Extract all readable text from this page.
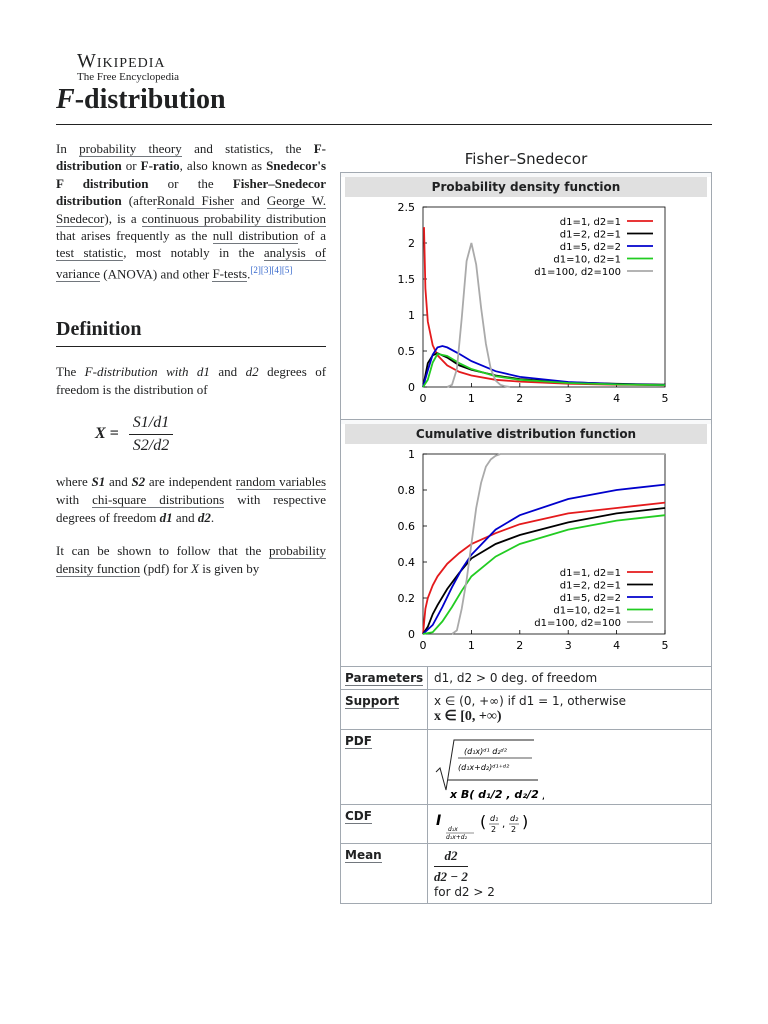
Wikipedia
The Free Encyclopedia
F-distribution
In probability theory and statistics, the F-distribution or F-ratio, also known as Snedecor's F distribution or the Fisher–Snedecor distribution (afterRonald Fisher and George W. Snedecor), is a continuous probability distribution that arises frequently as the null distribution of a test statistic, most notably in the analysis of variance (ANOVA) and other F-tests.[2][3][4][5]
Definition
The F-distribution with d1 and d2 degrees of freedom is the distribution of
$X = \frac{S1/d1}{S2/d2}$
where S1 and S2 are independent random variables with chi-square distributions with respective degrees of freedom d1 and d2.
It can be shown to follow that the probability density function (pdf) for X is given by
Fisher–Snedecor
Probability density function
0	1	2	3	4	5
0
0.5
1
1.5
2
2.5
d1=1, d2=1
d1=2, d2=1
d1=5, d2=2
d1=10, d2=1
d1=100, d2=100
Cumulative distribution function
0	1	2	3	4	5
0
0.2
0.4
0.6
0.8
1
d1=1, d2=1
d1=2, d2=1
d1=5, d2=2
d1=10, d2=1
d1=100, d2=100
Parameters d1, d2 > 0 deg. of freedom
Support	x ∈ (0, +∞) if d1 = 1, otherwise
x ∈ [0, +∞)
PDF
(d₁x)ᵈ¹ d₂ᵈ²
(d₁x+d₂)ᵈ¹⁺ᵈ²
x B( d₁/2 , d₂/2 )
CDF	I
d₁x
d₁x+d₂
( d₁
2 ,
d₂
2 )
Mean	$\frac{d2}{d2 - 2}$
for d2 > 2
